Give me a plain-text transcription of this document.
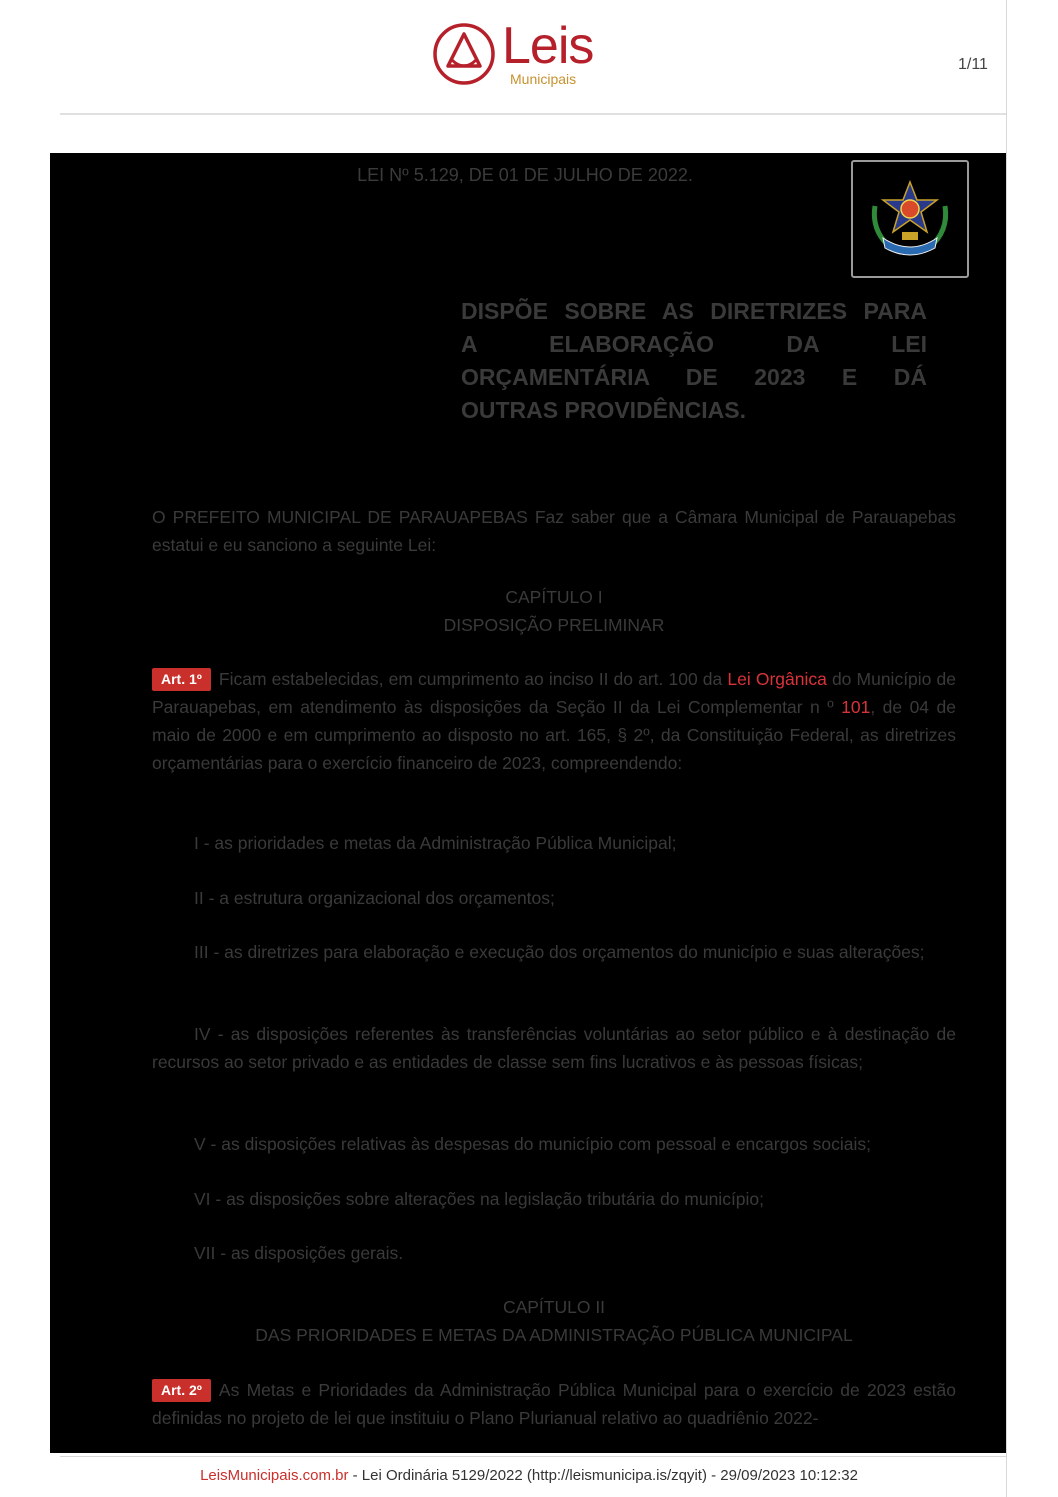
Leis
Municipais
1/11
LEI Nº 5.129, DE 01 DE JULHO DE 2022.
DISPÕE SOBRE AS DIRETRIZES PARA
A ELABORAÇÃO DA LEI
ORÇAMENTÁRIA DE 2023 E DÁ
OUTRAS PROVIDÊNCIAS.
O PREFEITO MUNICIPAL DE PARAUAPEBAS Faz saber que a Câmara Municipal de Parauapebas estatui e eu sanciono a seguinte Lei:
CAPÍTULO I
DISPOSIÇÃO PRELIMINAR
Art. 1º Ficam estabelecidas, em cumprimento ao inciso II do art. 100 da Lei Orgânica do Município de Parauapebas, em atendimento às disposições da Seção II da Lei Complementar n º 101, de 04 de maio de 2000 e em cumprimento ao disposto no art. 165, § 2º, da Constituição Federal, as diretrizes orçamentárias para o exercício financeiro de 2023, compreendendo:
I - as prioridades e metas da Administração Pública Municipal;
II - a estrutura organizacional dos orçamentos;
III - as diretrizes para elaboração e execução dos orçamentos do município e suas alterações;
IV - as disposições referentes às transferências voluntárias ao setor público e à destinação de recursos ao setor privado e as entidades de classe sem fins lucrativos e às pessoas físicas;
V - as disposições relativas às despesas do município com pessoal e encargos sociais;
VI - as disposições sobre alterações na legislação tributária do município;
VII - as disposições gerais.
CAPÍTULO II
DAS PRIORIDADES E METAS DA ADMINISTRAÇÃO PÚBLICA MUNICIPAL
Art. 2º As Metas e Prioridades da Administração Pública Municipal para o exercício de 2023 estão definidas no projeto de lei que instituiu o Plano Plurianual relativo ao quadriênio 2022-
LeisMunicipais.com.br - Lei Ordinária 5129/2022 (http://leismunicipa.is/zqyit) - 29/09/2023 10:12:32
